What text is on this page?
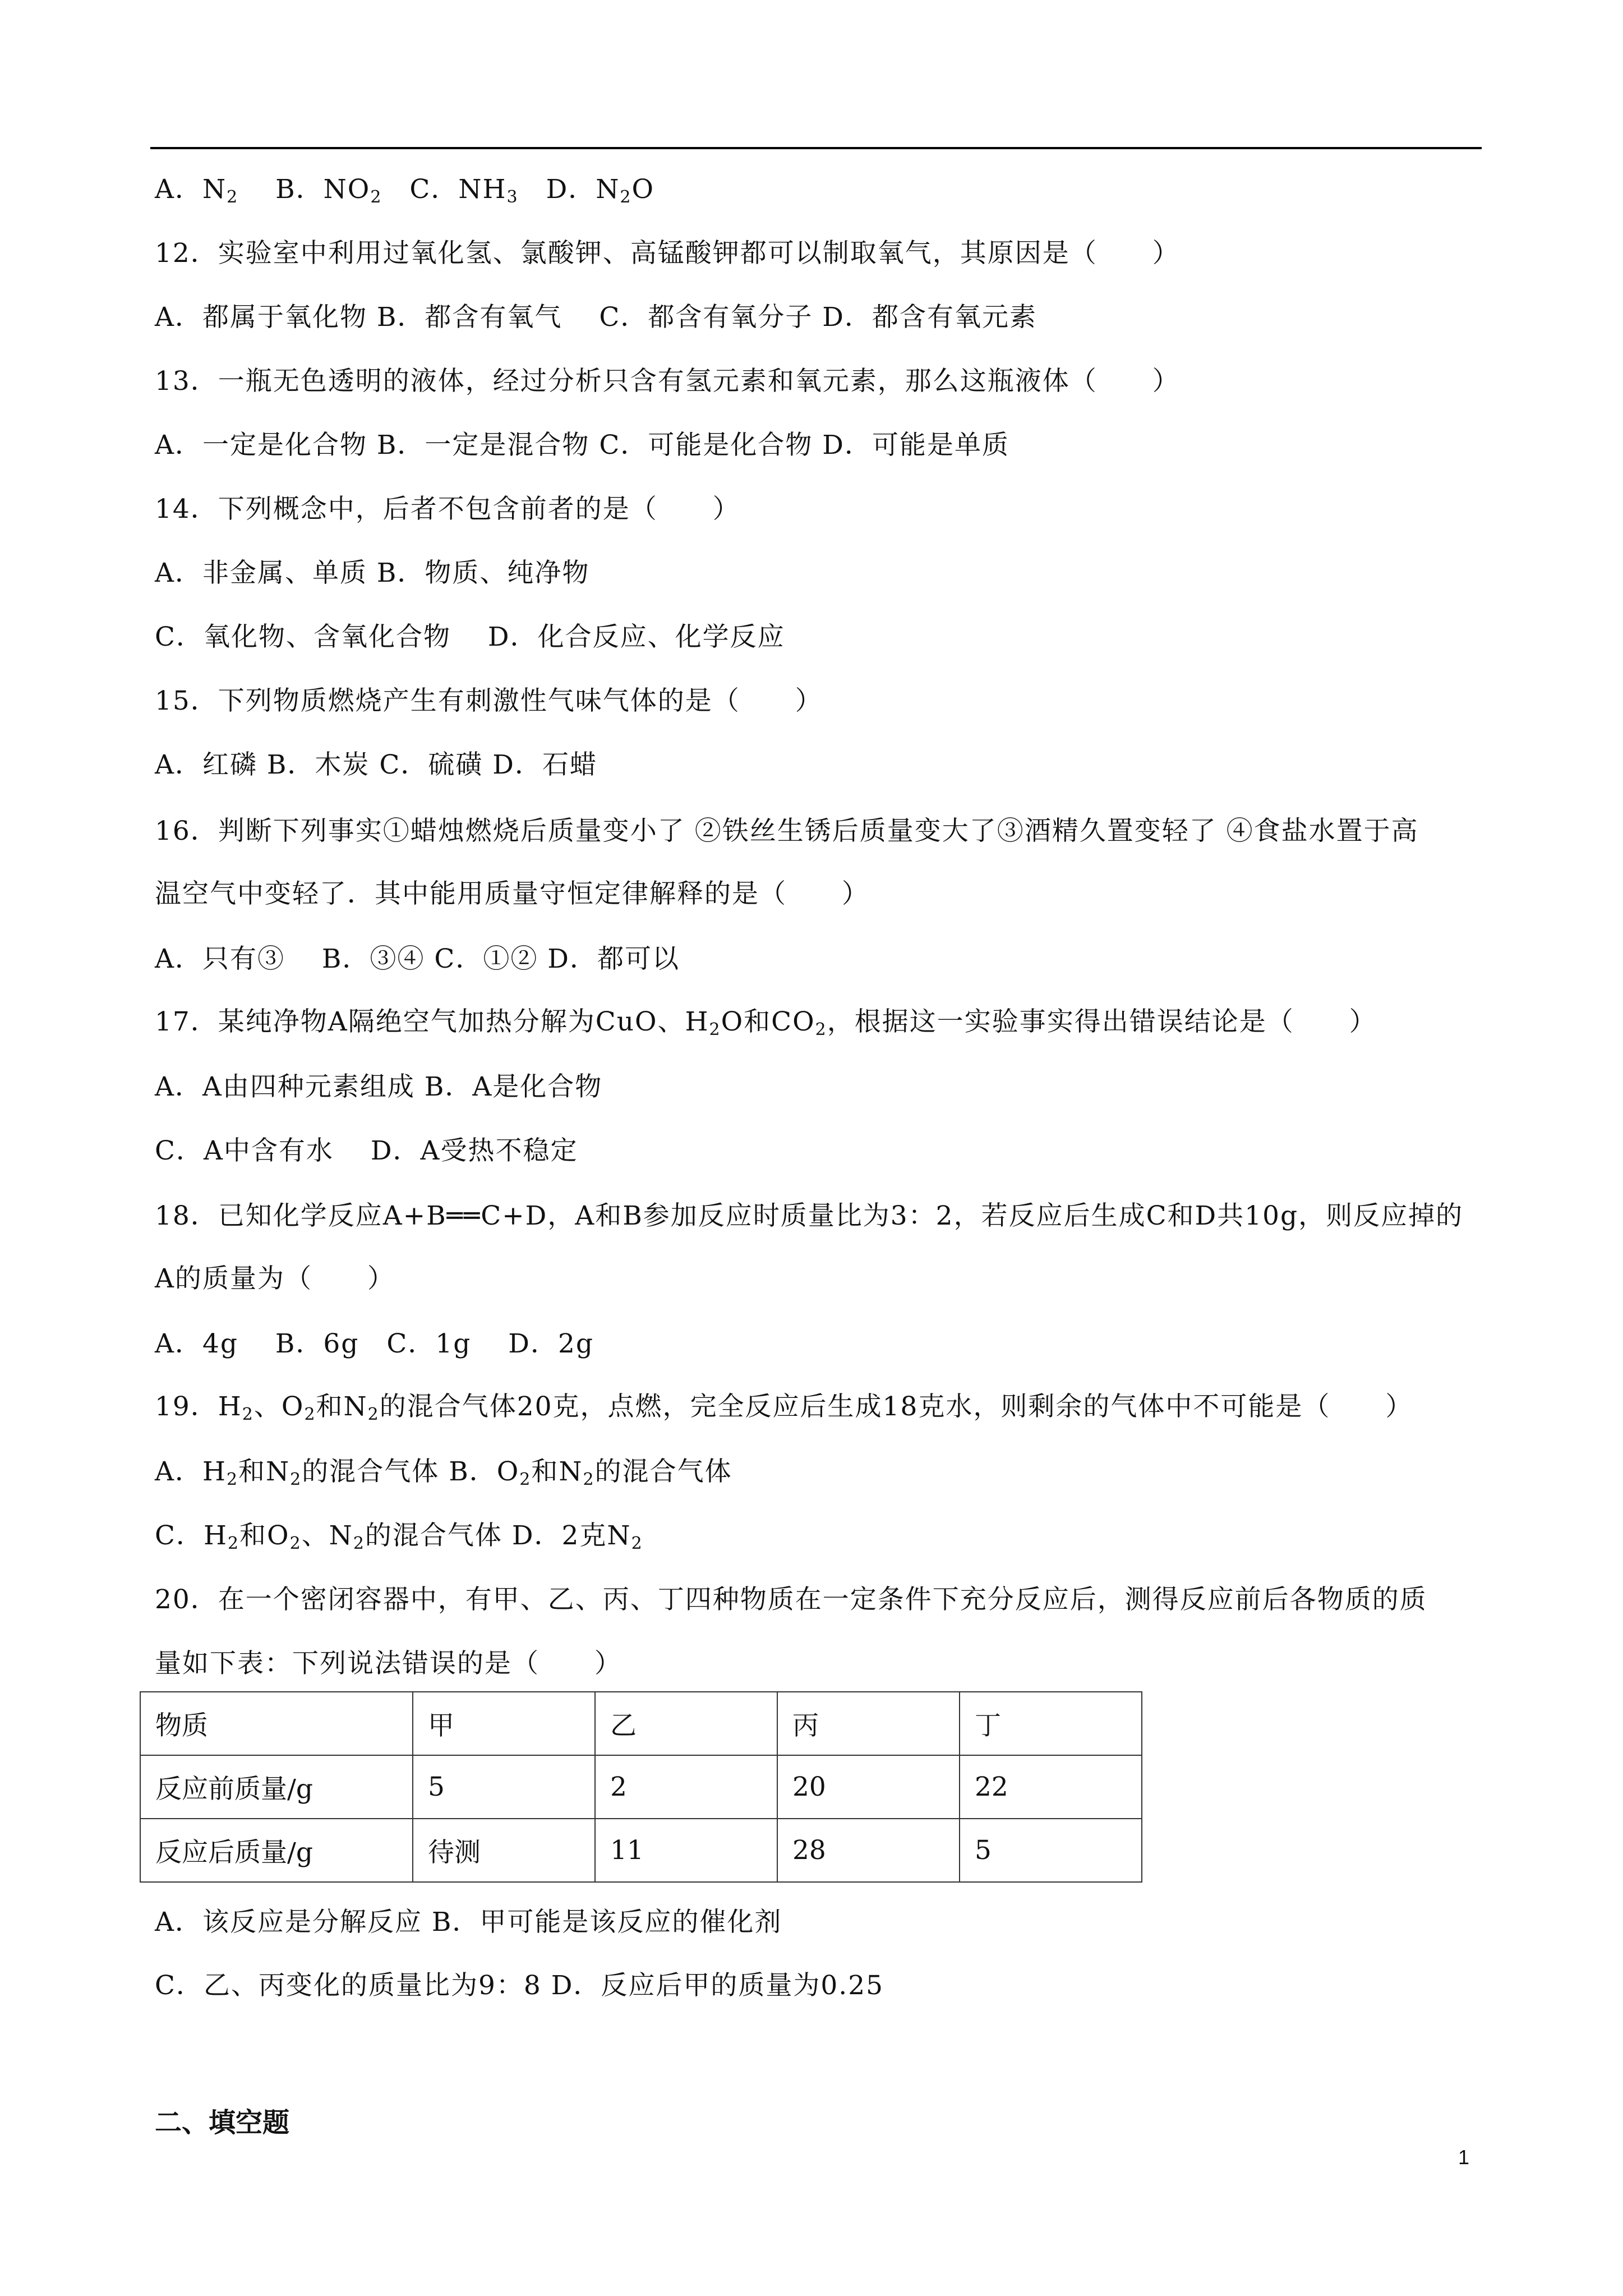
A．$N_2$　 B．$NO_2$　C．$NH_3$　D．$N_2O$
12．实验室中利用过氧化氢、氯酸钾、高锰酸钾都可以制取氧气，其原因是（　　）
A．都属于氧化物 B．都含有氧气　 C．都含有氧分子 D．都含有氧元素
13．一瓶无色透明的液体，经过分析只含有氢元素和氧元素，那么这瓶液体（　　）
A．一定是化合物 B．一定是混合物 C．可能是化合物 D．可能是单质
14．下列概念中，后者不包含前者的是（　　）
A．非金属、单质 B．物质、纯净物
C．氧化物、含氧化合物　 D．化合反应、化学反应
15．下列物质燃烧产生有刺激性气味气体的是（　　）
A．红磷 B．木炭 C．硫磺 D．石蜡
16．判断下列事实①蜡烛燃烧后质量变小了 ②铁丝生锈后质量变大了③酒精久置变轻了 ④食盐水置于高
温空气中变轻了．其中能用质量守恒定律解释的是（　　）
A．只有③　 B．③④ C．①② D．都可以
17．某纯净物A隔绝空气加热分解为CuO、$H_2O$和$CO_2$，根据这一实验事实得出错误结论是（　　）
A．A由四种元素组成 B．A是化合物
C．A中含有水　 D．A受热不稳定
18．已知化学反应A+B══C+D，A和B参加反应时质量比为3：2，若反应后生成C和D共10g，则反应掉的
A的质量为（　　）
A．4g　 B．6g　C．1g　 D．2g
19．$H_2$、$O_2$和$N_2$的混合气体20克，点燃，完全反应后生成18克水，则剩余的气体中不可能是（　　）
A．$H_2$和$N_2$的混合气体 B．$O_2$和$N_2$的混合气体
C．$H_2$和$O_2$、$N_2$的混合气体 D．2克$N_2$
20．在一个密闭容器中，有甲、乙、丙、丁四种物质在一定条件下充分反应后，测得反应前后各物质的质
量如下表：下列说法错误的是（　　）
物质	甲	乙	丙	丁
反应前质量/g	5	2	20	22
反应后质量/g	待测	11	28	5
A．该反应是分解反应 B．甲可能是该反应的催化剂
C．乙、丙变化的质量比为9：8 D．反应后甲的质量为0.25
二、填空题
1
